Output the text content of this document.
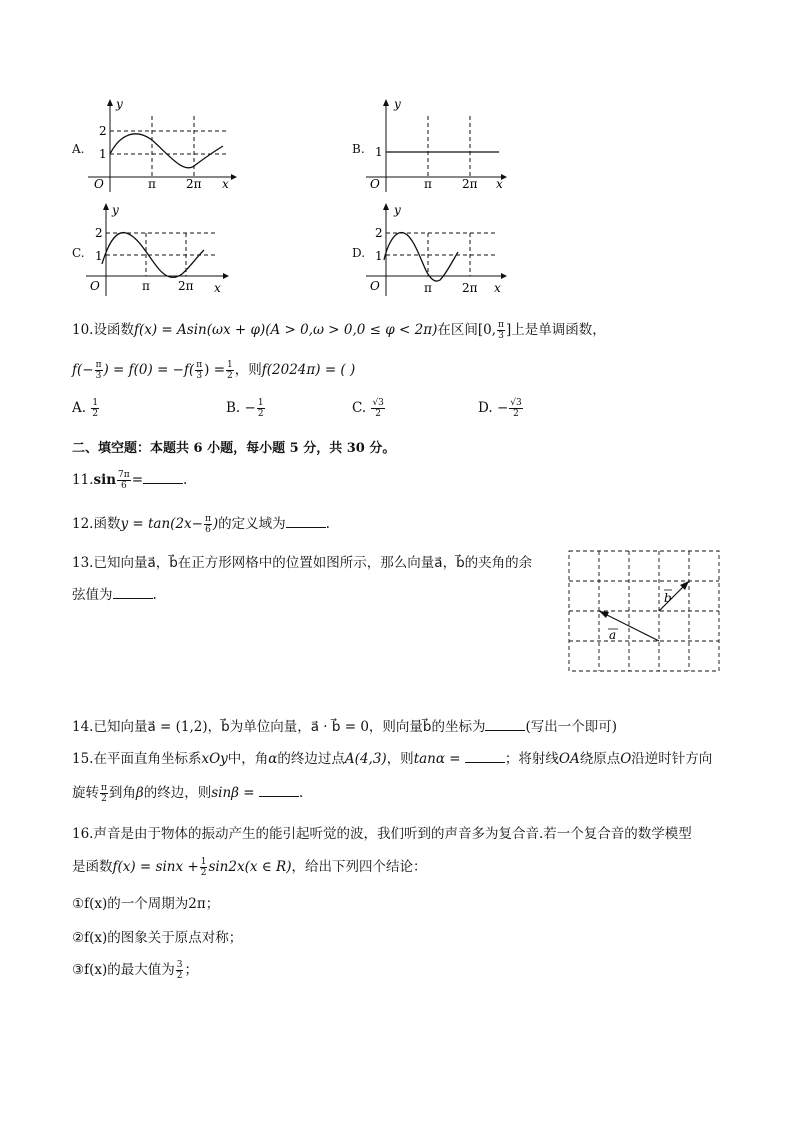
A.
y
x
O	π	2π
2
1	B.
y
x
O	π	2π
1
C.
y
x
O	π 2π
2
1	D.
y
x
O	π	2π
2
1
10.设函数f(x) = Asin(ωx + φ)(A > 0,ω > 0,0 ≤ φ < 2π)在区间[0, $\frac{\pi}{3}$ ]上是单调函数，
$f(- \frac{\pi}{3}$ ) = $f(0) = -f( \frac{\pi}{3}$ ) = $\frac{1}{2}$ ，则f(2024π) = ( )
A. $\frac{1}{2}$	B. − $\frac{1}{2}$	C. $\frac{√3}{2}$	D. − $\frac{√3}{2}$
二、填空题：本题共 6 小题，每小题 5 分，共 30 分。
$11.\sin \frac{7\pi}{6}$ =	.
12.函数$y = \tan(2x- \frac{\pi}{6}$ )的定义域为	.
13.已知向量a⃗，b⃗在正方形网格中的位置如图所示，那么向量a⃗，b⃗的夹角的余
弦值为	.	b
a
14.已知向量a⃗ = (1,2)，b⃗为单位向量，a⃗ · b⃗ = 0，则向量b⃗的坐标为	(写出一个即可)
15.在平面直角坐标系xOy中，角α的终边过点A(4,3)，则tanα =	；将射线OA绕原点O沿逆时针方向
旋转 $\frac{\pi}{2}$ 到角β的终边，则sinβ =	.
16.声音是由于物体的振动产生的能引起听觉的波，我们听到的声音多为复合音.若一个复合音的数学模型
是函数$f(x) = \sin x + \frac{1}{2} \sin 2x(x$ ∈ R)，给出下列四个结论：
①f(x)的一个周期为2π；
②f(x)的图象关于原点对称；
③f(x)的最大值为 $\frac{3}{2}$ ；
